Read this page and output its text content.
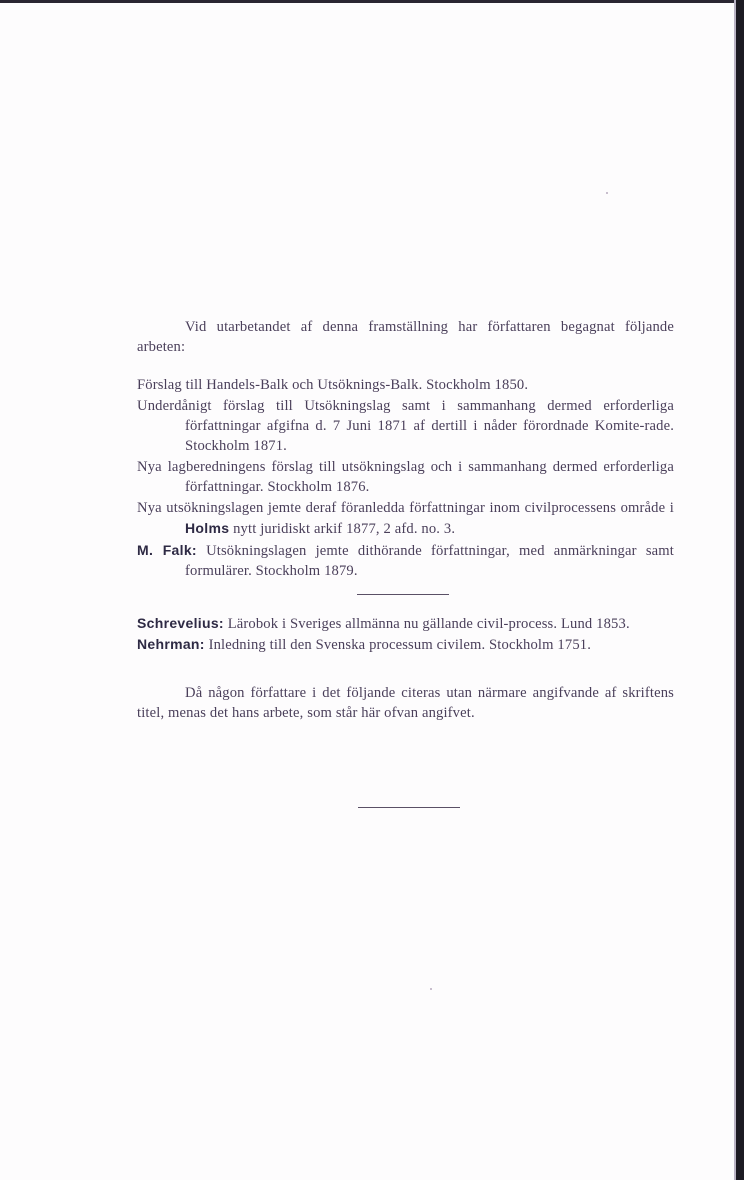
Vid utarbetandet af denna framställning har författaren begagnat följande arbeten:

Förslag till Handels-Balk och Utsöknings-Balk. Stockholm 1850.

Underdånigt förslag till Utsökningslag samt i sammanhang dermed erforderliga författningar afgifna d. 7 Juni 1871 af dertill i nåder förordnade Komite-rade. Stockholm 1871.

Nya lagberedningens förslag till utsökningslag och i sammanhang dermed erforderliga författningar. Stockholm 1876.

Nya utsökningslagen jemte deraf föranledda författningar inom civilprocessens område i Holms nytt juridiskt arkif 1877, 2 afd. no. 3.

M. Falk: Utsökningslagen jemte dithörande författningar, med anmärkningar samt formulärer. Stockholm 1879.

Schrevelius: Lärobok i Sveriges allmänna nu gällande civil-process. Lund 1853.
Nehrman: Inledning till den Svenska processum civilem. Stockholm 1751.

Då någon författare i det följande citeras utan närmare angifvande af skriftens titel, menas det hans arbete, som står här ofvan angifvet.
